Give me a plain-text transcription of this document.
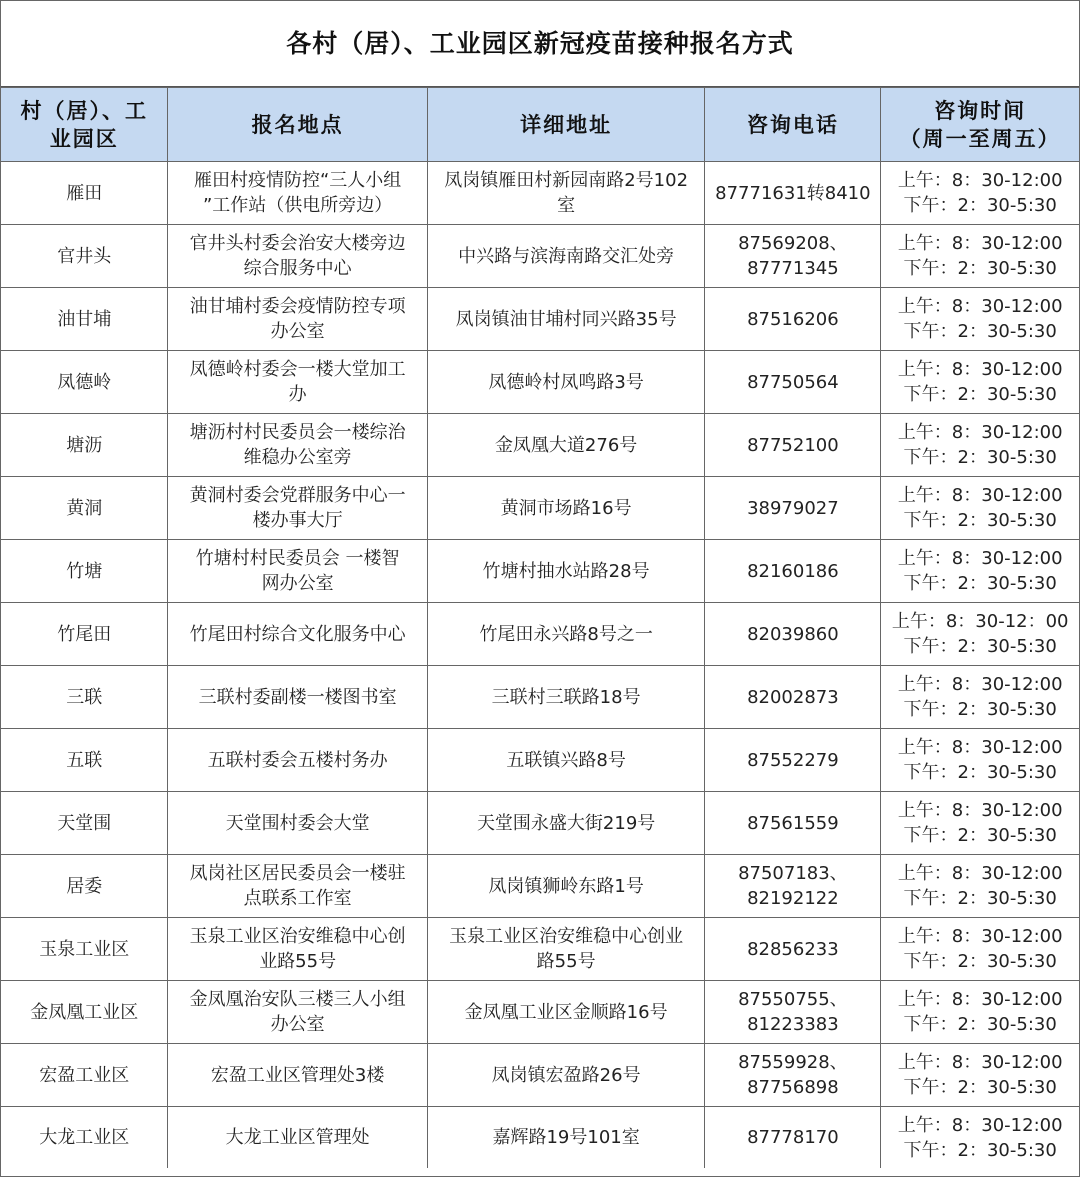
各村（居）、工业园区新冠疫苗接种报名方式
村（居）、工
业园区	报名地点	详细地址	咨询电话	咨询时间
（周一至周五）

雁田	雁田村疫情防控“三人小组
”工作站（供电所旁边）	凤岗镇雁田村新园南路2号102
室	87771631转8410	上午：8：30-12:00
下午：2：30-5:30

官井头	官井头村委会治安大楼旁边
综合服务中心	中兴路与滨海南路交汇处旁	87569208、
87771345	上午：8：30-12:00
下午：2：30-5:30

油甘埔	油甘埔村委会疫情防控专项
办公室	凤岗镇油甘埔村同兴路35号	87516206	上午：8：30-12:00
下午：2：30-5:30

凤德岭	凤德岭村委会一楼大堂加工
办	凤德岭村凤鸣路3号	87750564	上午：8：30-12:00
下午：2：30-5:30

塘沥	塘沥村村民委员会一楼综治
维稳办公室旁	金凤凰大道276号	87752100	上午：8：30-12:00
下午：2：30-5:30

黄洞	黄洞村委会党群服务中心一
楼办事大厅	黄洞市场路16号	38979027	上午：8：30-12:00
下午：2：30-5:30

竹塘	竹塘村村民委员会 一楼智
网办公室	竹塘村抽水站路28号	82160186	上午：8：30-12:00
下午：2：30-5:30

竹尾田	竹尾田村综合文化服务中心	竹尾田永兴路8号之一	82039860	上午：8：30-12：00
下午：2：30-5:30

三联	三联村委副楼一楼图书室	三联村三联路18号	82002873	上午：8：30-12:00
下午：2：30-5:30

五联	五联村委会五楼村务办	五联镇兴路8号	87552279	上午：8：30-12:00
下午：2：30-5:30

天堂围	天堂围村委会大堂	天堂围永盛大街219号	87561559	上午：8：30-12:00
下午：2：30-5:30

居委	凤岗社区居民委员会一楼驻
点联系工作室	凤岗镇狮岭东路1号	87507183、
82192122	上午：8：30-12:00
下午：2：30-5:30

玉泉工业区	玉泉工业区治安维稳中心创
业路55号	玉泉工业区治安维稳中心创业
路55号	82856233	上午：8：30-12:00
下午：2：30-5:30

金凤凰工业区	金凤凰治安队三楼三人小组
办公室	金凤凰工业区金顺路16号	87550755、
81223383	上午：8：30-12:00
下午：2：30-5:30

宏盈工业区	宏盈工业区管理处3楼	凤岗镇宏盈路26号	87559928、
87756898	上午：8：30-12:00
下午：2：30-5:30

大龙工业区	大龙工业区管理处	嘉辉路19号101室	87778170	上午：8：30-12:00
下午：2：30-5:30
